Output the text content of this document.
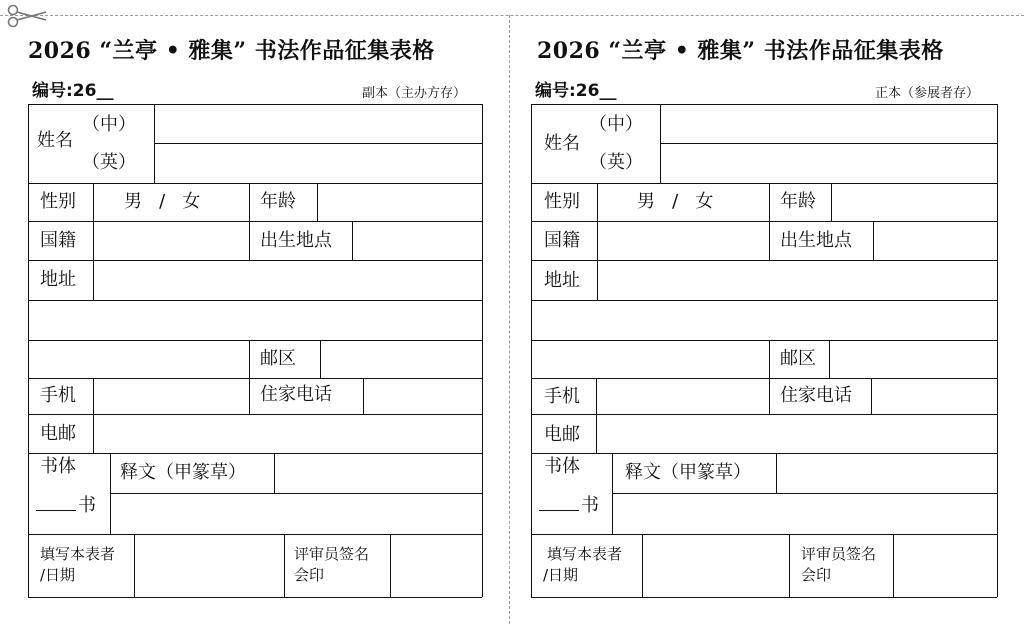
2026 “兰亭 • 雅集” 书法作品征集表格
编号:26__	副本（主办方存）
姓名
（中）
（英）
性别	男   /   女	年龄
国籍	出生地点
地址
邮区
手机	住家电话
电邮
书体
书
释文（甲篆草）
填写本表者
/日期
评审员签名
会印
2026 “兰亭 • 雅集” 书法作品征集表格
编号:26__	正本（参展者存）
姓名
（中）
（英）
性别	男   /   女	年龄
国籍	出生地点
地址
邮区
手机	住家电话
电邮
书体
书
释文（甲篆草）
填写本表者
/日期
评审员签名
会印
